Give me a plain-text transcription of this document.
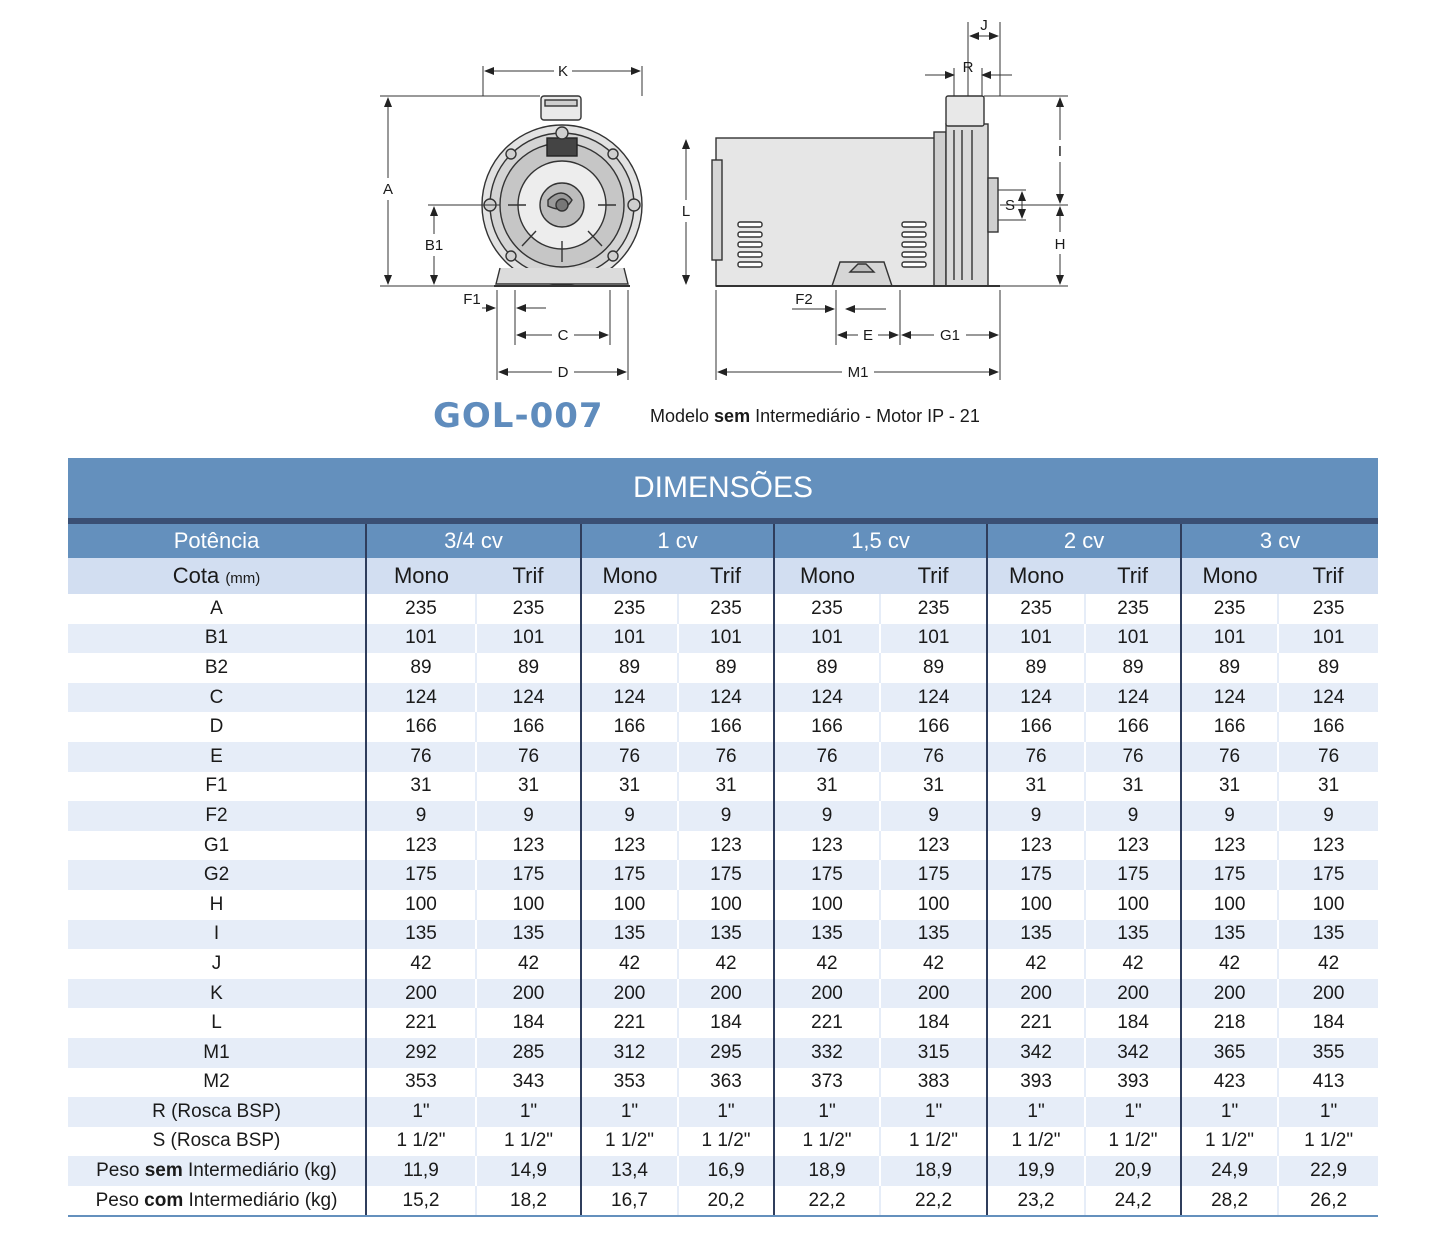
K
A
B1
F1
C
D
J
R
I
S
H
L
F2
E	G1
M1
GOL-007	Modelo sem Intermediário - Motor IP - 21
DIMENSÕES
Potência	3/4 cv		1 cv		1,5 cv		2 cv		3 cv	
Cota (mm)	Mono	Trif	Mono	Trif	Mono	Trif	Mono	Trif	Mono	Trif
A	235	235	235	235	235	235	235	235	235	235
B1	101	101	101	101	101	101	101	101	101	101
B2	89	89	89	89	89	89	89	89	89	89
C	124	124	124	124	124	124	124	124	124	124
D	166	166	166	166	166	166	166	166	166	166
E	76	76	76	76	76	76	76	76	76	76
F1	31	31	31	31	31	31	31	31	31	31
F2	9	9	9	9	9	9	9	9	9	9
G1	123	123	123	123	123	123	123	123	123	123
G2	175	175	175	175	175	175	175	175	175	175
H	100	100	100	100	100	100	100	100	100	100
I	135	135	135	135	135	135	135	135	135	135
J	42	42	42	42	42	42	42	42	42	42
K	200	200	200	200	200	200	200	200	200	200
L	221	184	221	184	221	184	221	184	218	184
M1	292	285	312	295	332	315	342	342	365	355
M2	353	343	353	363	373	383	393	393	423	413
R (Rosca BSP)	1"	1"	1"	1"	1"	1"	1"	1"	1"	1"
S (Rosca BSP)	1 1/2"	1 1/2"	1 1/2"	1 1/2"	1 1/2"	1 1/2"	1 1/2"	1 1/2"	1 1/2"	1 1/2"
Peso sem Intermediário (kg)	11,9	14,9	13,4	16,9	18,9	18,9	19,9	20,9	24,9	22,9
Peso com Intermediário (kg)	15,2	18,2	16,7	20,2	22,2	22,2	23,2	24,2	28,2	26,2
